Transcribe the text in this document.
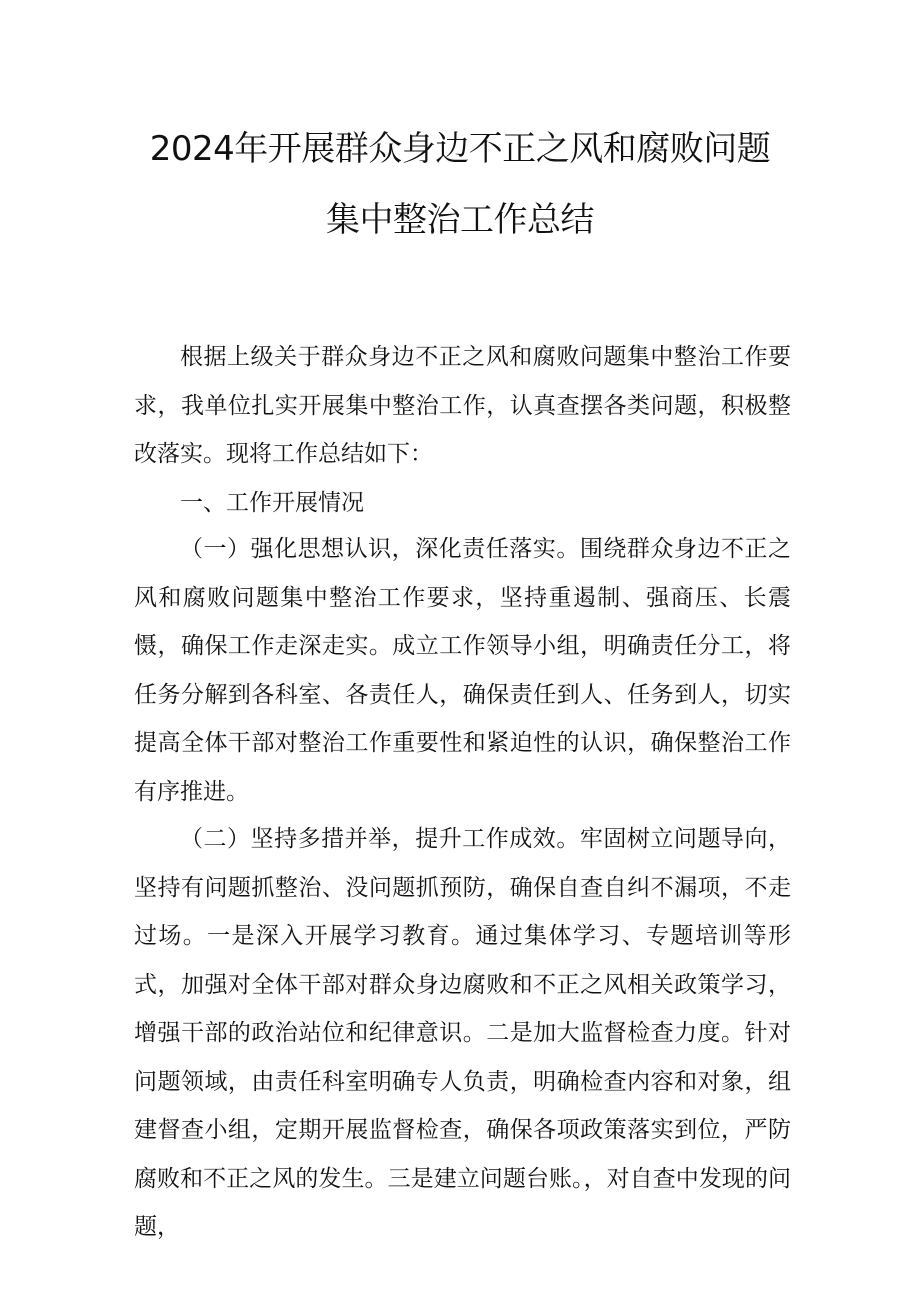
2024年开展群众身边不正之风和腐败问题
集中整治工作总结

根据上级关于群众身边不正之风和腐败问题集中整治工作要求，我单位扎实开展集中整治工作，认真查摆各类问题，积极整改落实。现将工作总结如下：

一、工作开展情况

（一）强化思想认识，深化责任落实。围绕群众身边不正之风和腐败问题集中整治工作要求，坚持重遏制、强商压、长震慑，确保工作走深走实。成立工作领导小组，明确责任分工，将任务分解到各科室、各责任人，确保责任到人、任务到人，切实提高全体干部对整治工作重要性和紧迫性的认识，确保整治工作有序推进。

（二）坚持多措并举，提升工作成效。牢固树立问题导向，坚持有问题抓整治、没问题抓预防，确保自查自纠不漏项，不走过场。一是深入开展学习教育。通过集体学习、专题培训等形式，加强对全体干部对群众身边腐败和不正之风相关政策学习，增强干部的政治站位和纪律意识。二是加大监督检查力度。针对问题领域，由责任科室明确专人负责，明确检查内容和对象，组建督查小组，定期开展监督检查，确保各项政策落实到位，严防腐败和不正之风的发生。三是建立问题台账。，对自查中发现的问题，
